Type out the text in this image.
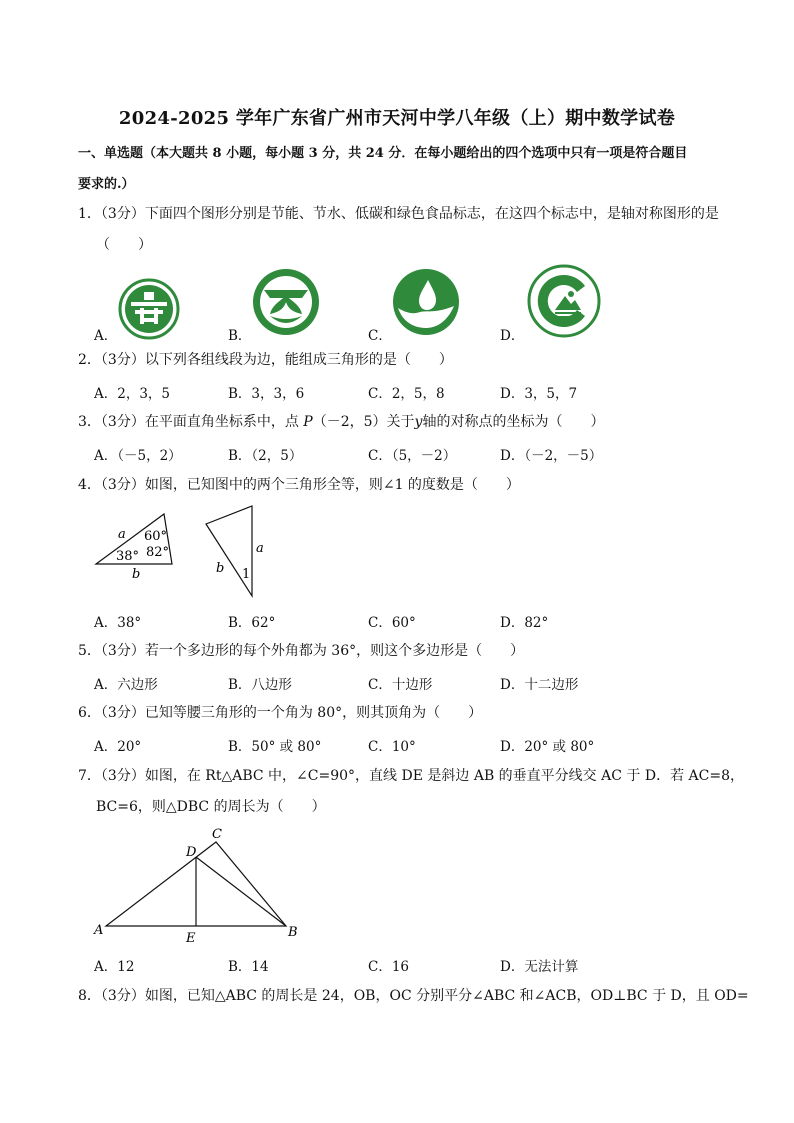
2024-2025 学年广东省广州市天河中学八年级（上）期中数学试卷
一、单选题（本大题共 8 小题，每小题 3 分，共 24 分．在每小题给出的四个选项中只有一项是符合题目
要求的.）
1．（3分）下面四个图形分别是节能、节水、低碳和绿色食品标志，在这四个标志中，是轴对称图形的是
（　　）
A．	B．	C．	D．
2．（3分）以下列各组线段为边，能组成三角形的是（　　）
A．2，3，5	B．3，3，6	C．2，5，8	D．3，5，7
3．（3分）在平面直角坐标系中，点 P（－2，5）关于y轴的对称点的坐标为（　　）
A．（－5，2）	B．（2，5）	C．（5，－2）	D．（－2，－5）
4．（3分）如图，已知图中的两个三角形全等，则∠1 的度数是（　　）
a 60°
38° 82°
b
a
b 1
A．38°	B．62°	C．60°	D．82°
5．（3分）若一个多边形的每个外角都为 36°，则这个多边形是（　　）
A．六边形	B．八边形	C．十边形	D．十二边形
6．（3分）已知等腰三角形的一个角为 80°，则其顶角为（　　）
A．20°	B．50° 或 80°	C．10°	D．20° 或 80°
7．（3分）如图，在 Rt△ABC 中，∠C=90°，直线 DE 是斜边 AB 的垂直平分线交 AC 于 D．若 AC=8，
BC=6，则△DBC 的周长为（　　）
A	B
C
D
E
A．12	B．14	C．16	D．无法计算
8．（3分）如图，已知△ABC 的周长是 24，OB，OC 分别平分∠ABC 和∠ACB，OD⊥BC 于 D，且 OD=
